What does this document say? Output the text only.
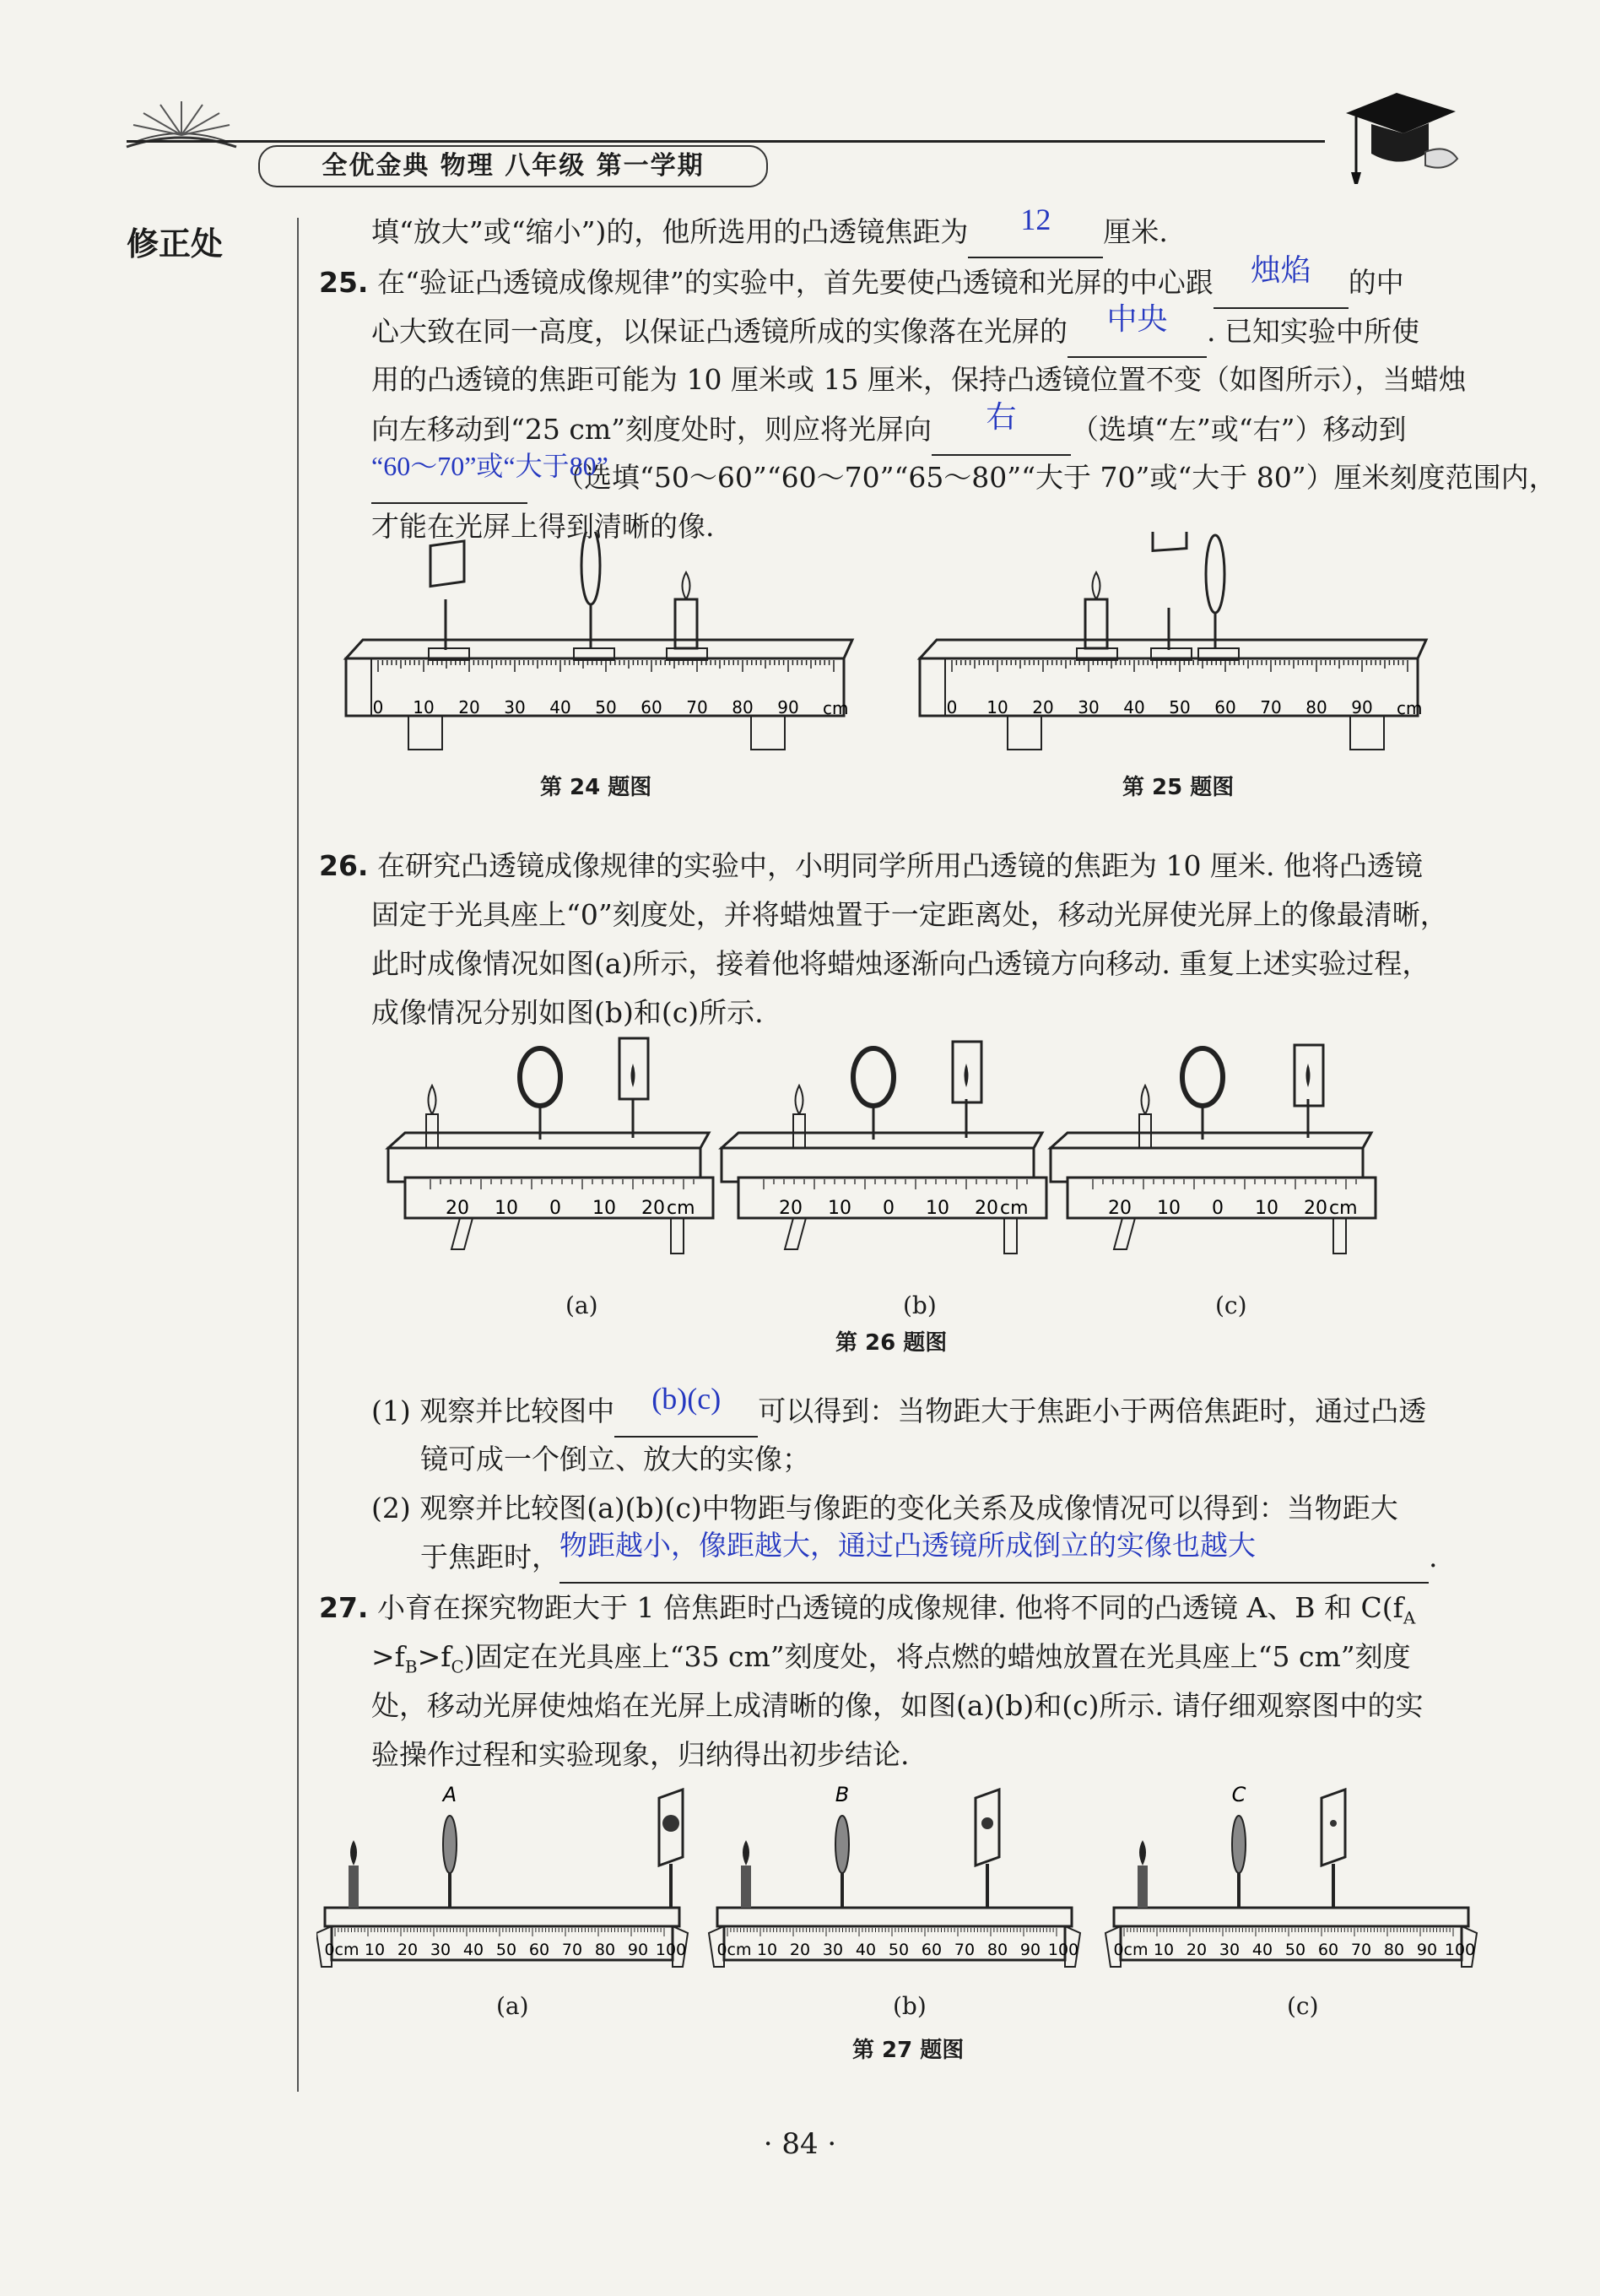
全优金典 物理 八年级 第一学期
修正处	填“放大”或“缩小”)的，他所选用的凸透镜焦距为 12 厘米.
25. 在“验证凸透镜成像规律”的实验中，首先要使凸透镜和光屏的中心跟 烛焰 的中
心大致在同一高度，以保证凸透镜所成的实像落在光屏的 中央 . 已知实验中所使
用的凸透镜的焦距可能为 10 厘米或 15 厘米，保持凸透镜位置不变（如图所示），当蜡烛
向左移动到“25 cm”刻度处时，则应将光屏向 右 （选填“左”或“右”）移动到
“60～70”或“大于80”（选填“50～60”“60～70”“65～80”“大于 70”或“大于 80”）厘米刻度范围内，
才能在光屏上得到清晰的像.
0 10 20 30 40 50 60 70 80 90	0 10 20 30 40 50 60 70 80 90
cm	cm
第 24 题图	第 25 题图
26. 在研究凸透镜成像规律的实验中，小明同学所用凸透镜的焦距为 10 厘米. 他将凸透镜
固定于光具座上“0”刻度处，并将蜡烛置于一定距离处，移动光屏使光屏上的像最清晰，
此时成像情况如图(a)所示，接着他将蜡烛逐渐向凸透镜方向移动. 重复上述实验过程，
成像情况分别如图(b)和(c)所示.
20 10 0 10 20 cm	20 10 0 10 20 cm	20 10 0 10 20 cm
(a)	(b)	(c)
第 26 题图
(1) 观察并比较图中 (b)(c) 可以得到：当物距大于焦距小于两倍焦距时，通过凸透
镜可成一个倒立、放大的实像；
(2) 观察并比较图(a)(b)(c)中物距与像距的变化关系及成像情况可以得到：当物距大
于焦距时，物距越小，像距越大，通过凸透镜所成倒立的实像也越大	.
27. 小育在探究物距大于 1 倍焦距时凸透镜的成像规律. 他将不同的凸透镜 A、B 和 $C(f_A$
$>f_B>f_C$)固定在光具座上“35 cm”刻度处，将点燃的蜡烛放置在光具座上“5 cm”刻度
处，移动光屏使烛焰在光屏上成清晰的像，如图(a)(b)和(c)所示. 请仔细观察图中的实
验操作过程和实验现象，归纳得出初步结论.
A
0cm 10 20 30 40 50 60 70 80 90 100
B
0cm 10 20 30 40 50 60 70 80 90 100
C
0cm 10 20 30 40 50 60 70 80 90 100
(a)	(b)	(c)
第 27 题图
· 84 ·
